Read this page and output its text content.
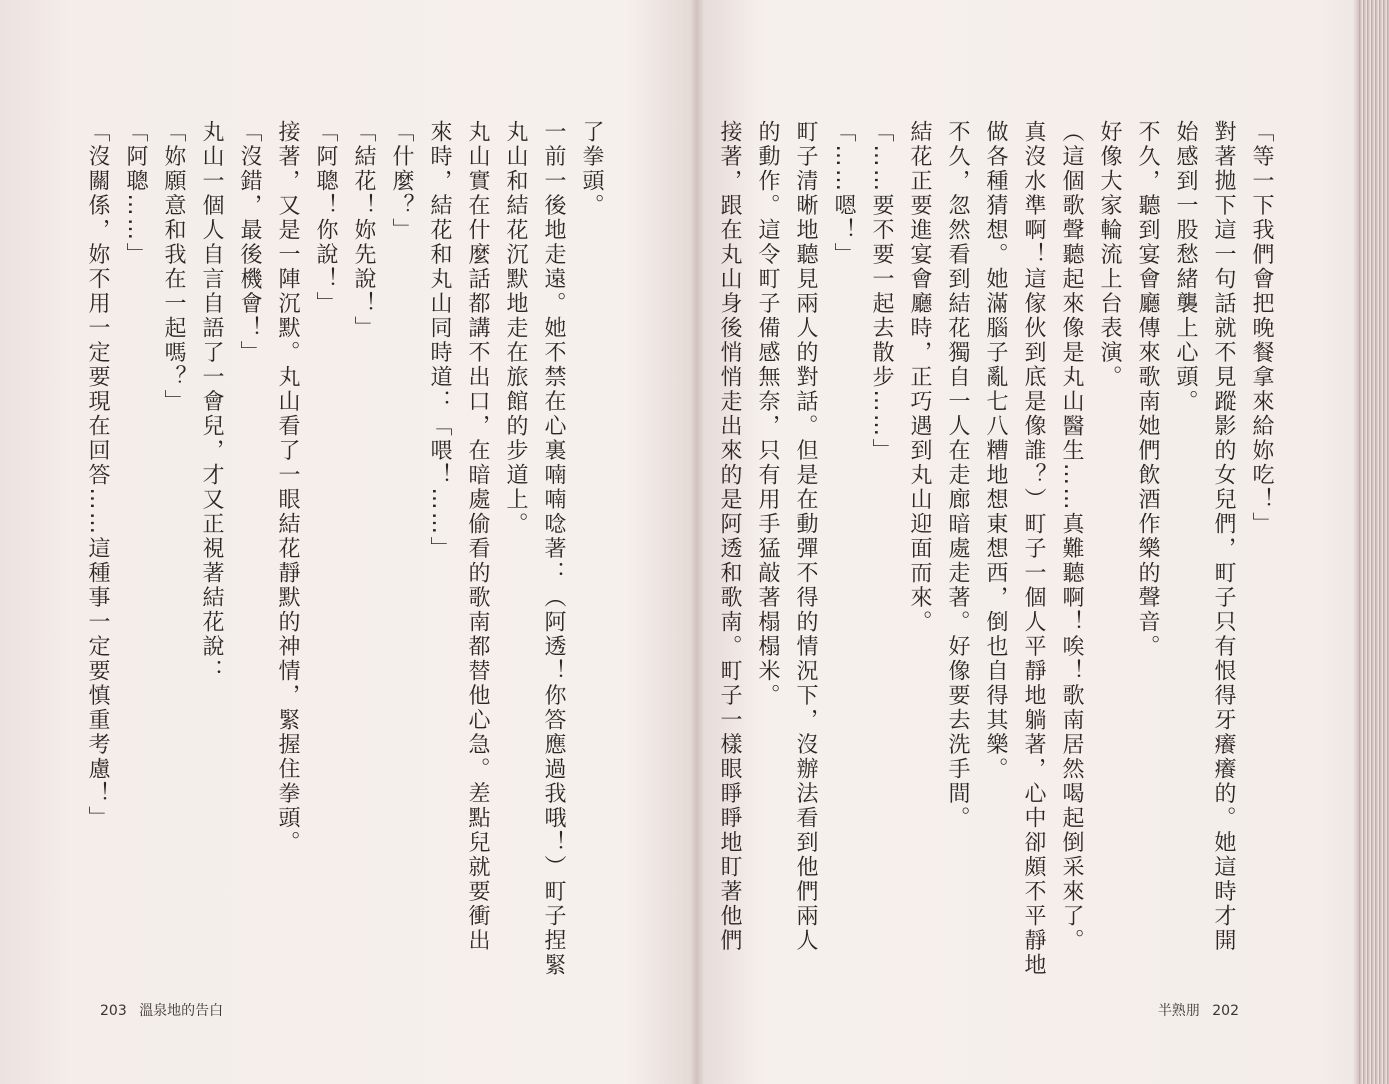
了拳頭。
一前一後地走遠。她不禁在心裏喃喃唸著：（阿透！你答應過我哦！）町子捏緊
丸山和結花沉默地走在旅館的步道上。
丸山實在什麼話都講不出口，在暗處偷看的歌南都替他心急。差點兒就要衝出
來時，結花和丸山同時道：「喂！……」
「什麼？」
「結花！妳先說！」
「阿聰！你說！」
接著，又是一陣沉默。丸山看了一眼結花靜默的神情，緊握住拳頭。
「沒錯，最後機會！」
丸山一個人自言自語了一會兒，才又正視著結花說：
「妳願意和我在一起嗎？」
「阿聰……」
「沒關係，妳不用一定要現在回答……這種事一定要慎重考慮！」
203 溫泉地的告白
「等一下我們會把晚餐拿來給妳吃！」
對著拋下這一句話就不見蹤影的女兒們，町子只有恨得牙癢癢的。她這時才開
始感到一股愁緒襲上心頭。
不久，聽到宴會廳傳來歌南她們飲酒作樂的聲音。
好像大家輪流上台表演。
（這個歌聲聽起來像是丸山醫生……真難聽啊！唉！歌南居然喝起倒采來了。
真沒水準啊！這傢伙到底是像誰？）町子一個人平靜地躺著，心中卻頗不平靜地
做各種猜想。她滿腦子亂七八糟地想東想西，倒也自得其樂。
不久，忽然看到結花獨自一人在走廊暗處走著。好像要去洗手間。
結花正要進宴會廳時，正巧遇到丸山迎面而來。
「……要不要一起去散步……」
「……嗯！」
町子清晰地聽見兩人的對話。但是在動彈不得的情況下，沒辦法看到他們兩人
的動作。這令町子備感無奈，只有用手猛敲著榻榻米。
接著，跟在丸山身後悄悄走出來的是阿透和歌南。町子一樣眼睜睜地盯著他們
半熟朋 202
